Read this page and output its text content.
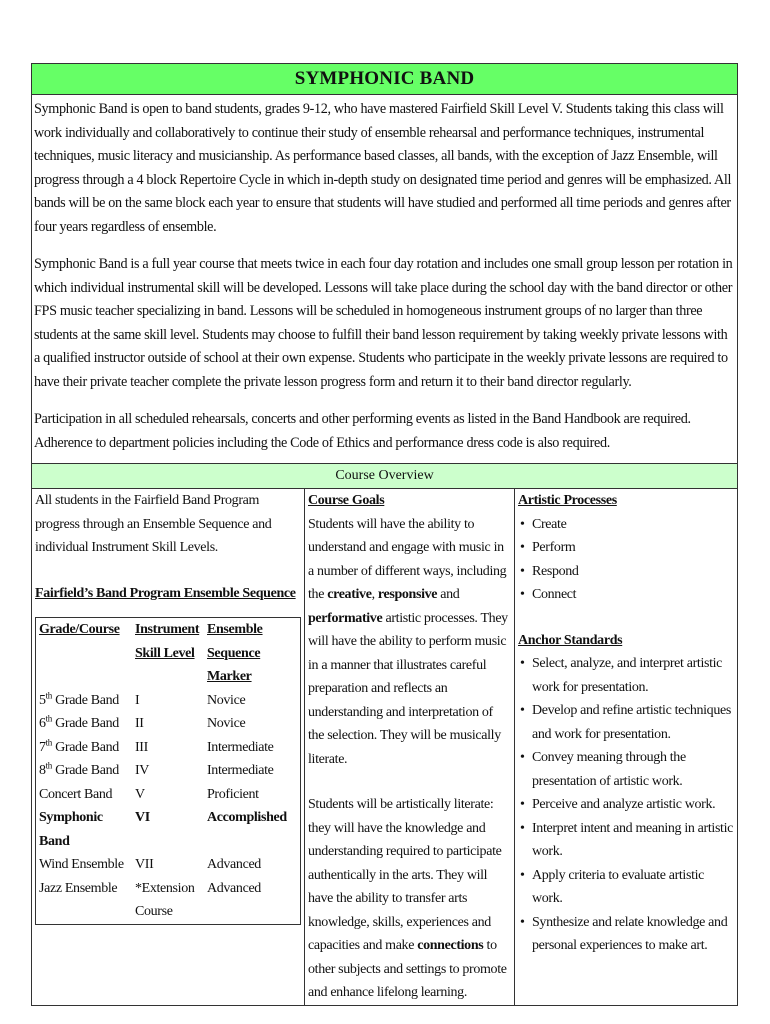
SYMPHONIC BAND

Symphonic Band is open to band students, grades 9-12, who have mastered Fairfield Skill Level V. Students taking this class will work individually and collaboratively to continue their study of ensemble rehearsal and performance techniques, instrumental techniques, music literacy and musicianship. As performance based classes, all bands, with the exception of Jazz Ensemble, will progress through a 4 block Repertoire Cycle in which in-depth study on designated time period and genres will be emphasized. All bands will be on the same block each year to ensure that students will have studied and performed all time periods and genres after four years regardless of ensemble.

Symphonic Band is a full year course that meets twice in each four day rotation and includes one small group lesson per rotation in which individual instrumental skill will be developed. Lessons will take place during the school day with the band director or other FPS music teacher specializing in band. Lessons will be scheduled in homogeneous instrument groups of no larger than three students at the same skill level. Students may choose to fulfill their band lesson requirement by taking weekly private lessons with a qualified instructor outside of school at their own expense. Students who participate in the weekly private lessons are required to have their private teacher complete the private lesson progress form and return it to their band director regularly.

Participation in all scheduled rehearsals, concerts and other performing events as listed in the Band Handbook are required. Adherence to department policies including the Code of Ethics and performance dress code is also required.

Course Overview
All students in the Fairfield Band Program progress through an Ensemble Sequence and individual Instrument Skill Levels.
Fairfield’s Band Program Ensemble Sequence
Grade/Course	Instrument Skill Level	Ensemble Sequence Marker
5th Grade Band	I	Novice
6th Grade Band	II	Novice
7th Grade Band	III	Intermediate
8th Grade Band	IV	Intermediate
Concert Band	V	Proficient
Symphonic Band	VI	Accomplished
Wind Ensemble	VII	Advanced
Jazz Ensemble	*Extension Course	Advanced
Course Goals
Students will have the ability to understand and engage with music in a number of different ways, including the creative, responsive and performative artistic processes. They will have the ability to perform music in a manner that illustrates careful preparation and reflects an understanding and interpretation of the selection. They will be musically literate.
Students will be artistically literate: they will have the knowledge and understanding required to participate authentically in the arts. They will have the ability to transfer arts knowledge, skills, experiences and capacities and make connections to other subjects and settings to promote and enhance lifelong learning.
Artistic Processes
• Create
• Perform
• Respond
• Connect
Anchor Standards
• Select, analyze, and interpret artistic work for presentation.
• Develop and refine artistic techniques and work for presentation.
• Convey meaning through the presentation of artistic work.
• Perceive and analyze artistic work.
• Interpret intent and meaning in artistic work.
• Apply criteria to evaluate artistic work.
• Synthesize and relate knowledge and personal experiences to make art.
